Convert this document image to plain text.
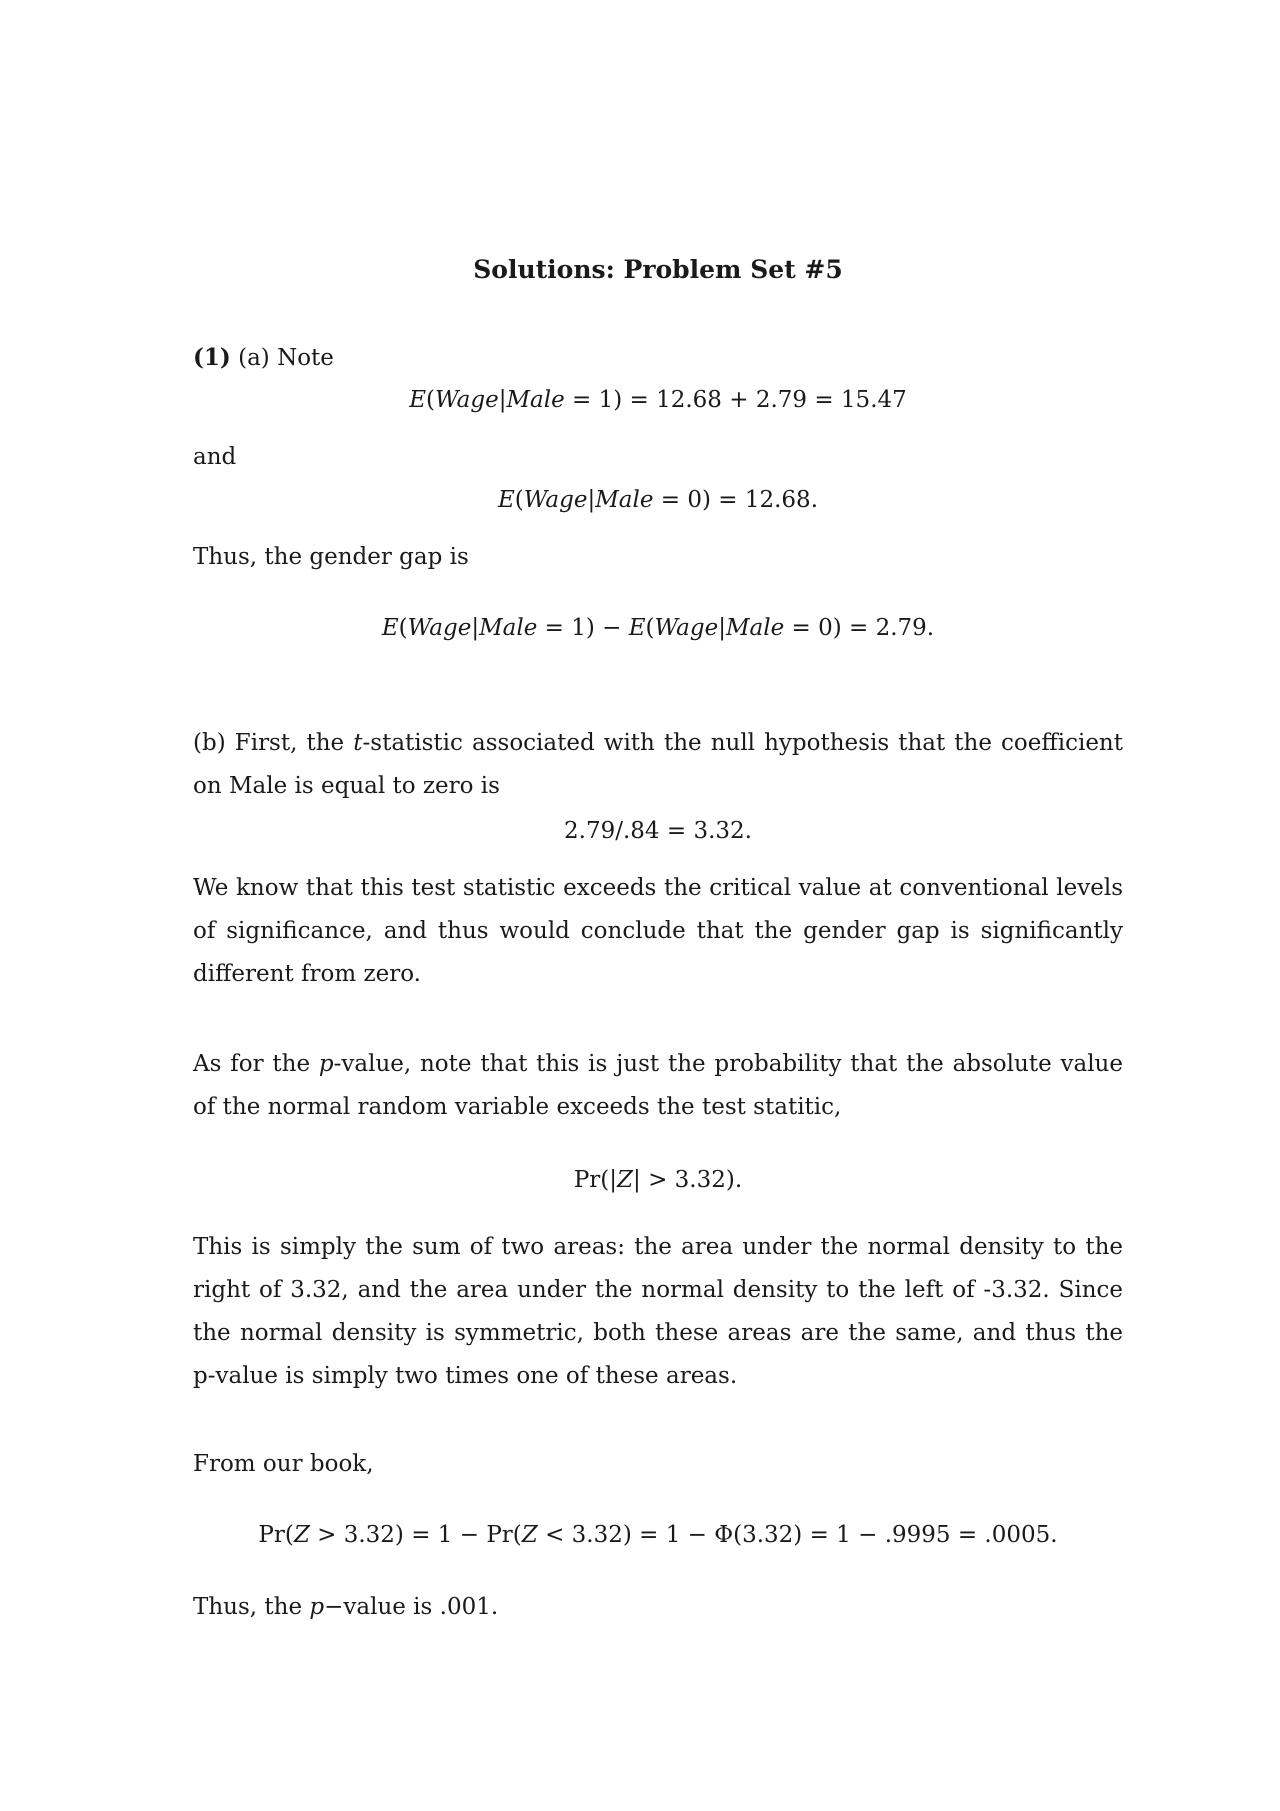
Solutions: Problem Set #5
(1) (a) Note
E(Wage|Male = 1) = 12.68 + 2.79 = 15.47
and
E(Wage|Male = 0) = 12.68.
Thus, the gender gap is
E(Wage|Male = 1) − E(Wage|Male = 0) = 2.79.
(b) First, the t-statistic associated with the null hypothesis that the coefficient on Male is equal to zero is
2.79/.84 = 3.32.
We know that this test statistic exceeds the critical value at conventional levels of significance, and thus would conclude that the gender gap is significantly different from zero.
As for the p-value, note that this is just the probability that the absolute value of the normal random variable exceeds the test statitic,
Pr(|Z| > 3.32).
This is simply the sum of two areas: the area under the normal density to the right of 3.32, and the area under the normal density to the left of -3.32. Since the normal density is symmetric, both these areas are the same, and thus the p-value is simply two times one of these areas.
From our book,
Pr(Z > 3.32) = 1 − Pr(Z < 3.32) = 1 − Φ(3.32) = 1 − .9995 = .0005.
Thus, the p−value is .001.
